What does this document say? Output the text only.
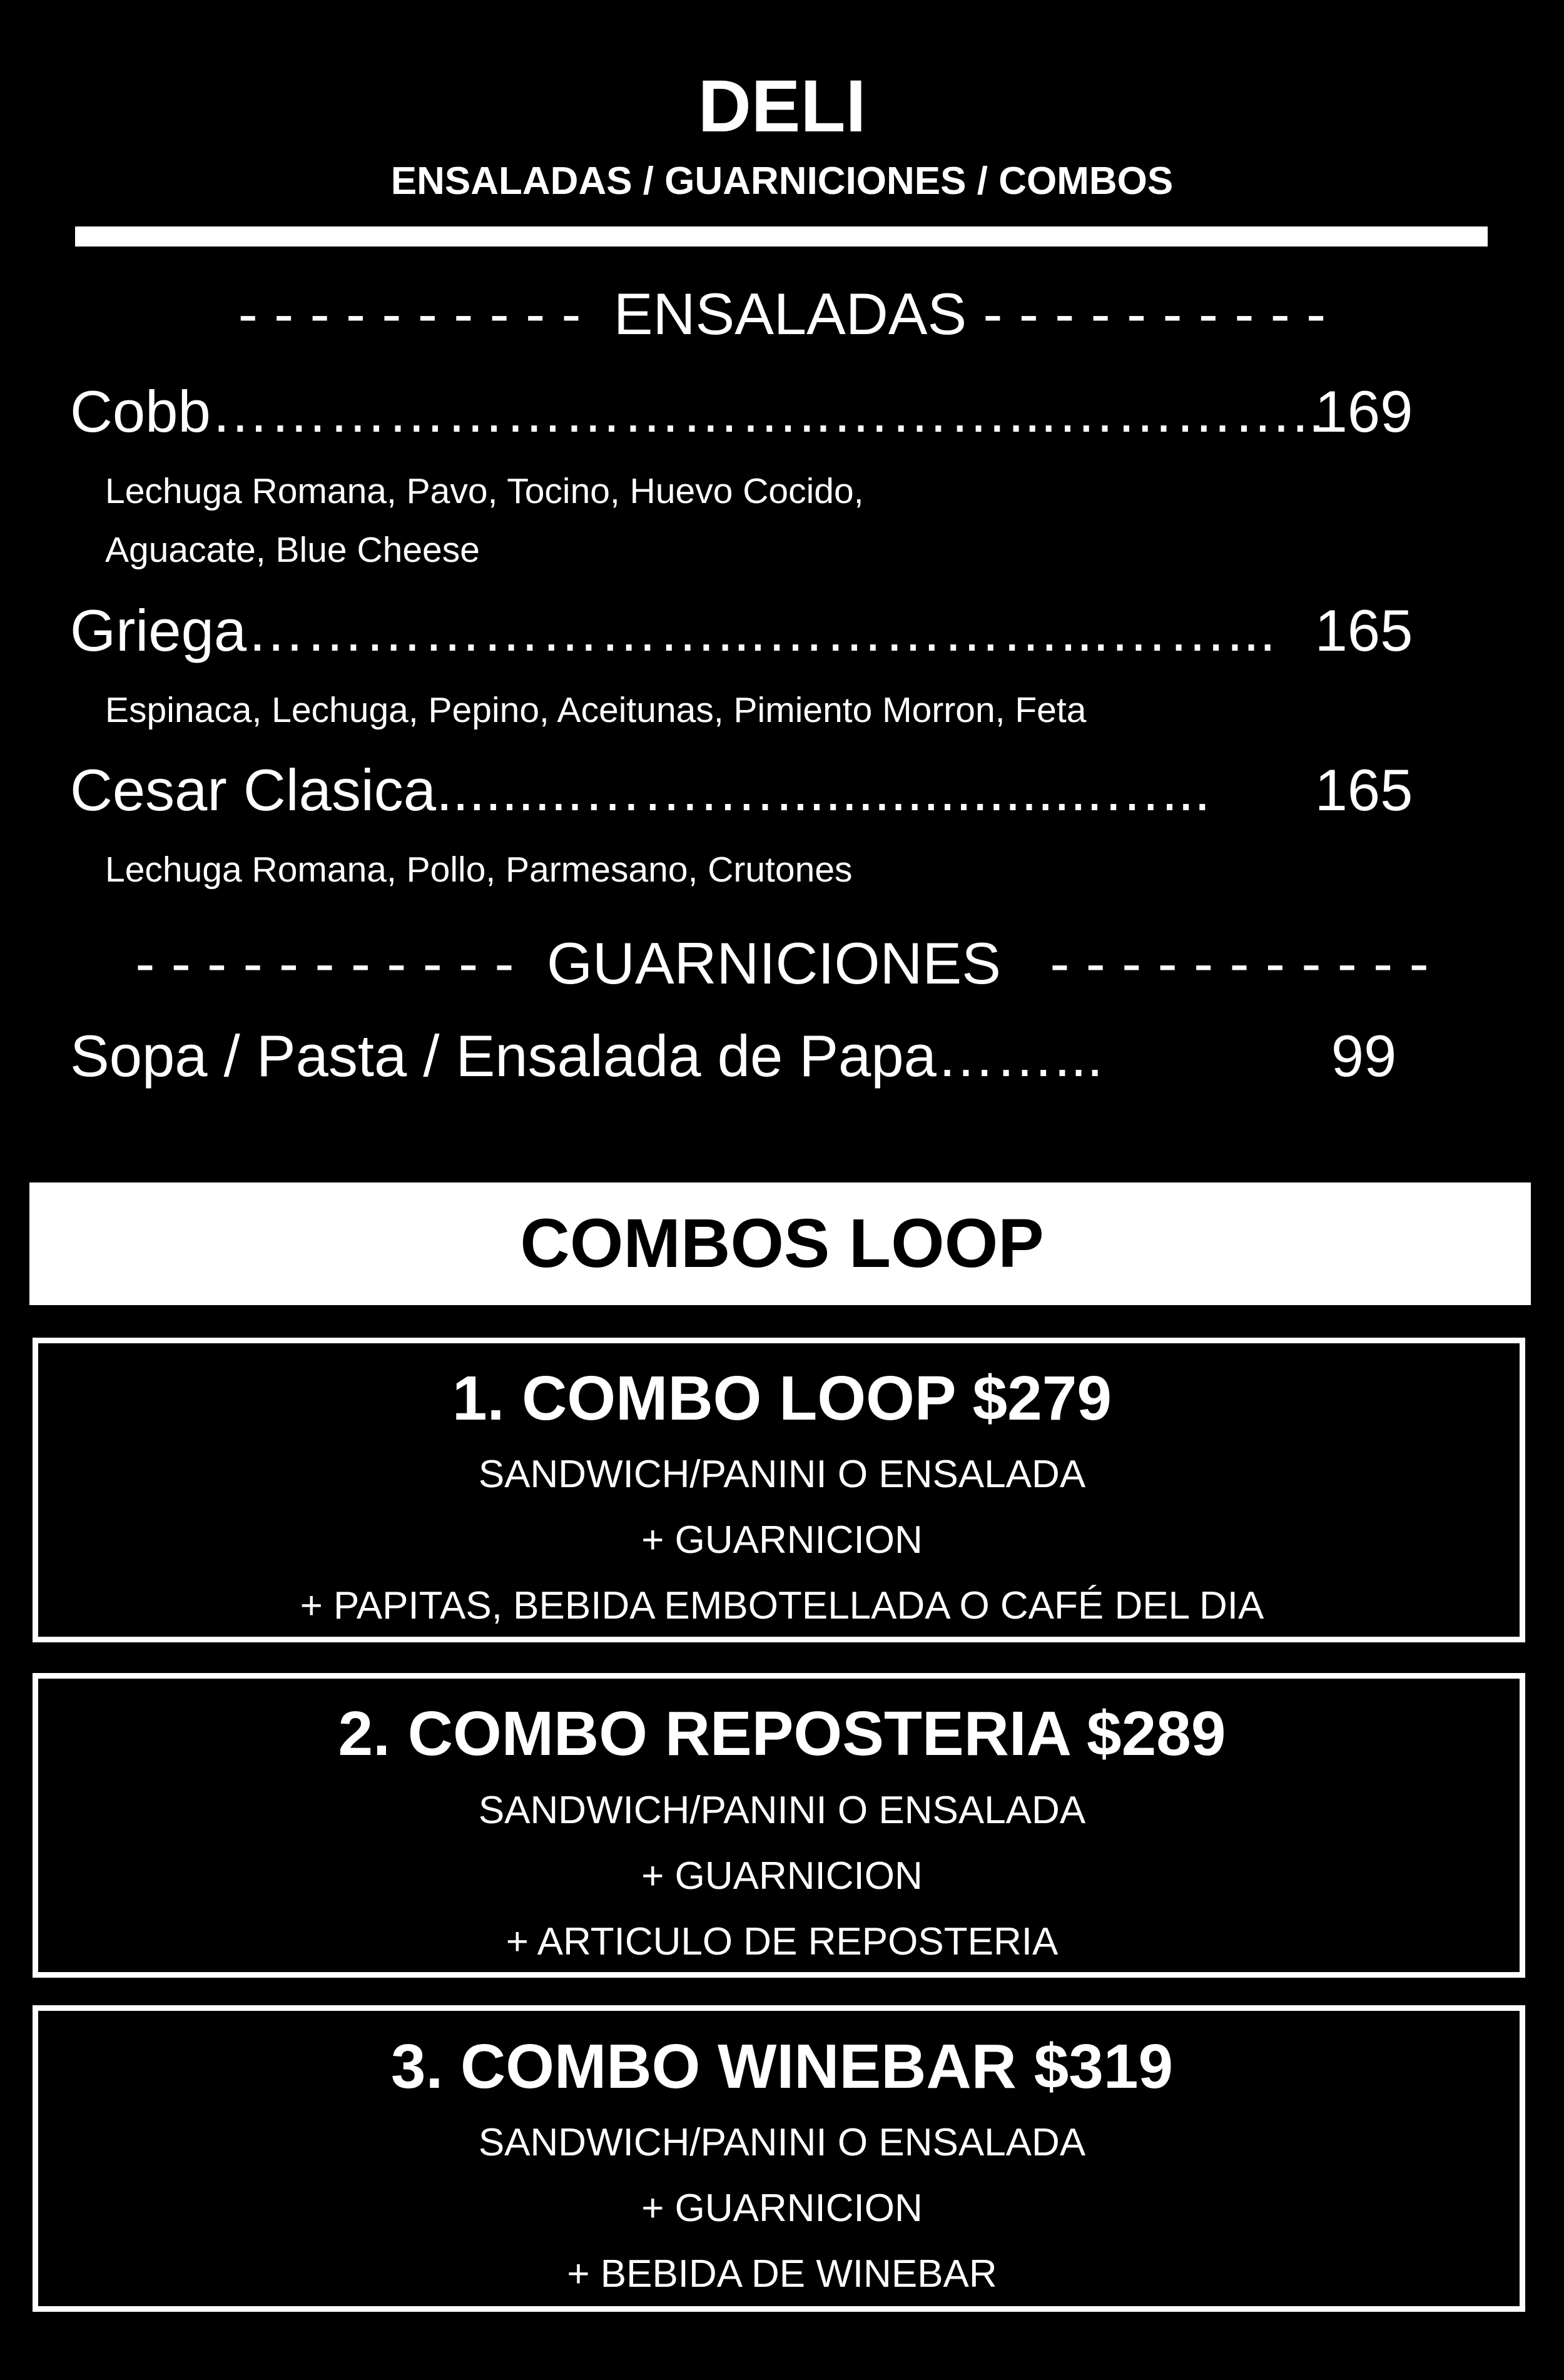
DELI
ENSALADAS / GUARNICIONES / COMBOS
- - - - - - - - - -  ENSALADAS - - - - - - - - - -
Cobb…………………………..………...…………..
169
Lechuga Romana, Pavo, Tocino, Huevo Cocido,
Aguacate, Blue Cheese
Griega……………………...……………...……... 165
Espinaca, Lechuga, Pepino, Aceitunas, Pimiento Morron, Feta
Cesar Clasica.........…….…....................…...	165
Lechuga Romana, Pollo, Parmesano, Crutones
- - - - - - - - - - -  GUARNICIONES   - - - - - - - - - - -
Sopa / Pasta / Ensalada de Papa……...	99
COMBOS LOOP
1. COMBO LOOP $279
SANDWICH/PANINI O ENSALADA
+ GUARNICION
+ PAPITAS, BEBIDA EMBOTELLADA O CAFÉ DEL DIA
2. COMBO REPOSTERIA $289
SANDWICH/PANINI O ENSALADA
+ GUARNICION
+ ARTICULO DE REPOSTERIA
3. COMBO WINEBAR $319
SANDWICH/PANINI O ENSALADA
+ GUARNICION
+ BEBIDA DE WINEBAR
